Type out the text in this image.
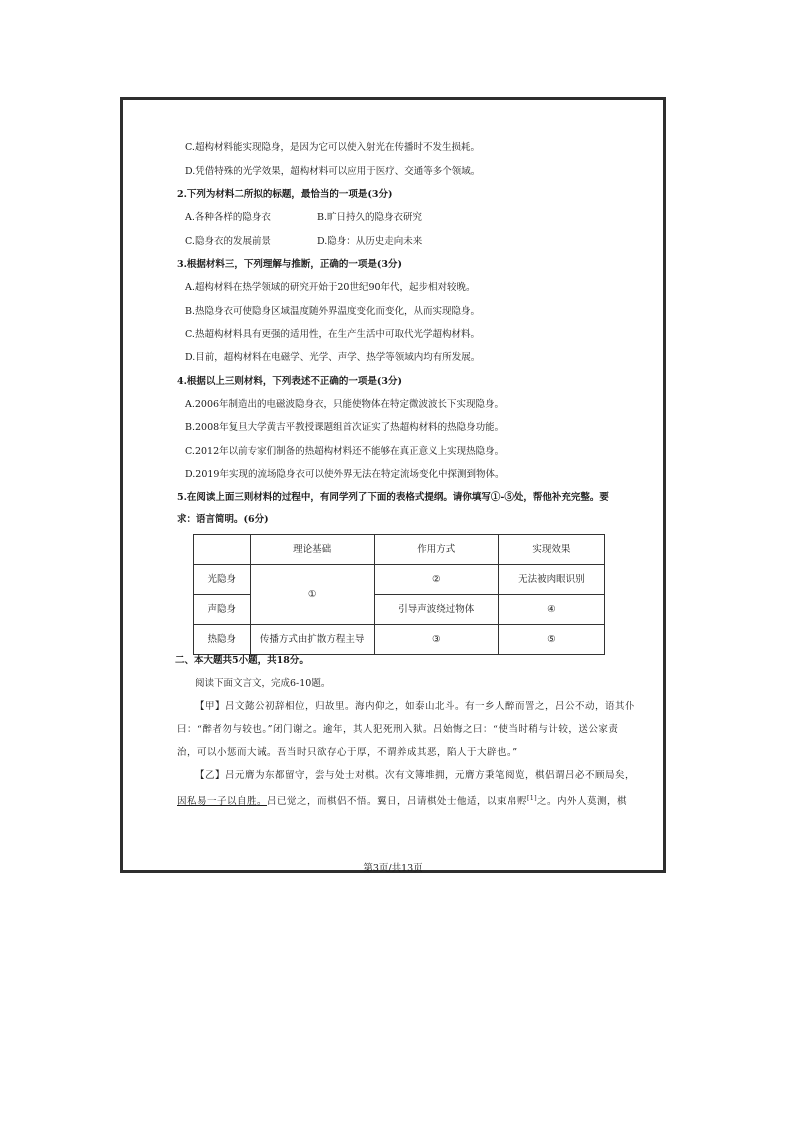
C.超构材料能实现隐身，是因为它可以使入射光在传播时不发生损耗。
D.凭借特殊的光学效果，超构材料可以应用于医疗、交通等多个领域。
2.下列为材料二所拟的标题，最恰当的一项是(3分)
A.各种各样的隐身衣	B.旷日持久的隐身衣研究
C.隐身衣的发展前景	D.隐身：从历史走向未来
3.根据材料三，下列理解与推断，正确的一项是(3分)
A.超构材料在热学领域的研究开始于20世纪90年代，起步相对较晚。
B.热隐身衣可使隐身区域温度随外界温度变化而变化，从而实现隐身。
C.热超构材料具有更强的适用性，在生产生活中可取代光学超构材料。
D.目前，超构材料在电磁学、光学、声学、热学等领域内均有所发展。
4.根据以上三则材料，下列表述不正确的一项是(3分)
A.2006年制造出的电磁波隐身衣，只能使物体在特定微波波长下实现隐身。
B.2008年复旦大学黄吉平教授课题组首次证实了热超构材料的热隐身功能。
C.2012年以前专家们制备的热超构材料还不能够在真正意义上实现热隐身。
D.2019年实现的流场隐身衣可以使外界无法在特定流场变化中探测到物体。
5.在阅读上面三则材料的过程中，有同学列了下面的表格式提纲。请你填写①-⑤处，帮他补充完整。要
求：语言简明。(6分)
	理论基础	作用方式	实现效果
光隐身	①	②	无法被肉眼识别
声隐身		引导声波绕过物体	④
热隐身	传播方式由扩散方程主导	③	⑤
二、本大题共5小题，共18分。
阅读下面文言文，完成6-10题。
【甲】吕文懿公初辞相位，归故里。海内仰之，如泰山北斗。有一乡人醉而詈之，吕公不动，语其仆
曰：“醉者勿与较也。”闭门谢之。逾年，其人犯死刑入狱。吕始悔之曰：“使当时稍与计较，送公家责
治，可以小惩而大诫。吾当时只欲存心于厚，不谓养成其恶，陷人于大辟也。”
【乙】吕元膺为东都留守，尝与处士对棋。次有文簿堆拥，元膺方秉笔阅览，棋侣谓吕必不顾局矣，
因私易一子以自胜。吕已觉之，而棋侣不悟。翼日，吕请棋处士他适，以束帛赆[1]之。内外人莫测，棋
第3页/共13页
